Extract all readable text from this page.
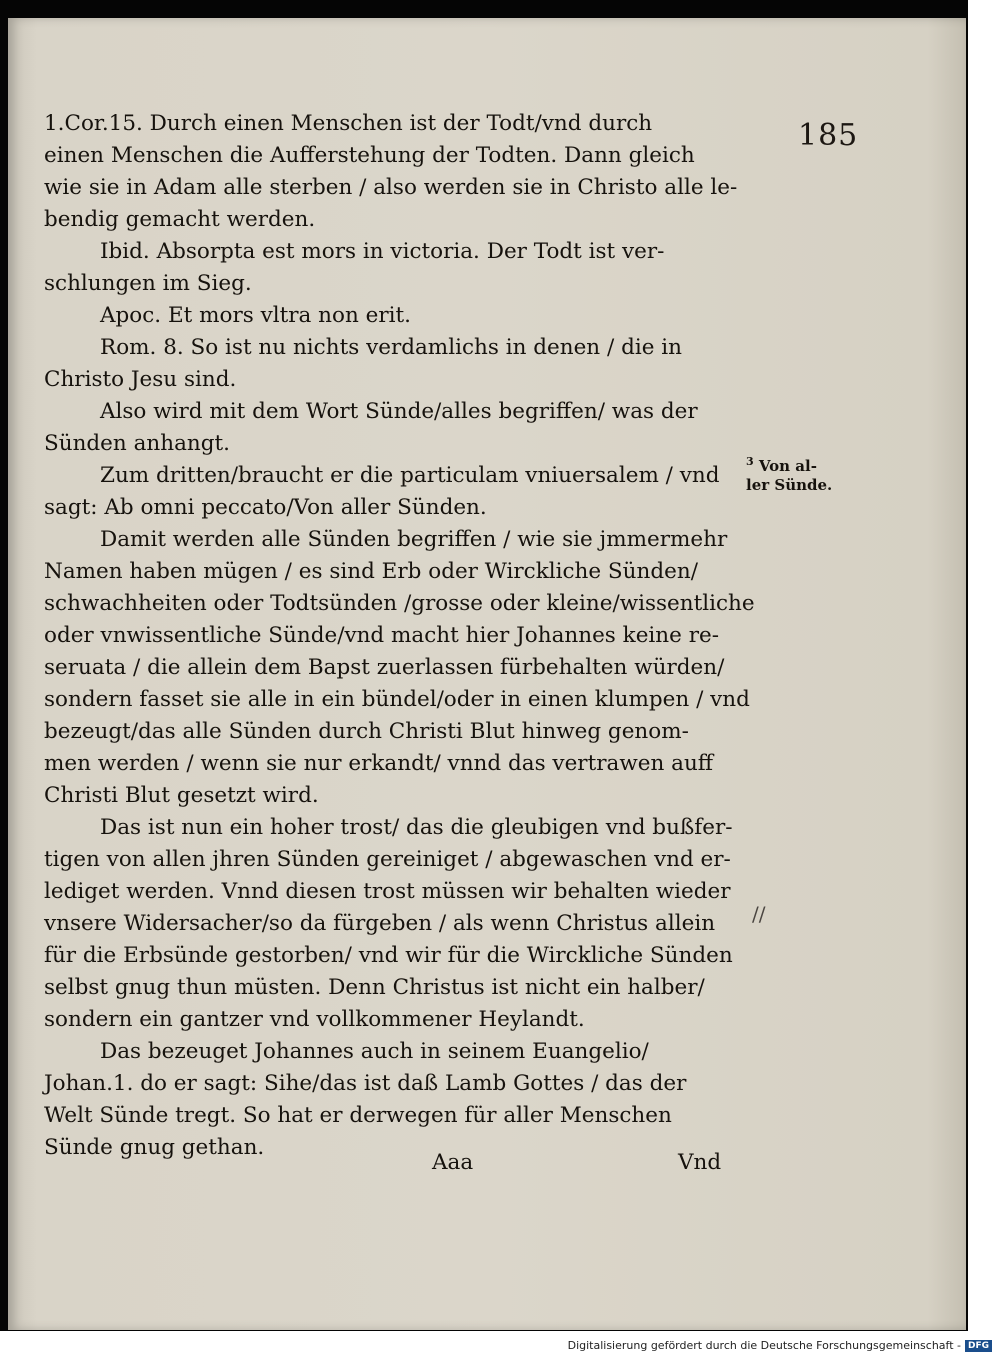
185
1.Cor.15. Durch einen Menschen ist der Todt/vnd durch
einen Menschen die Aufferstehung der Todten. Dann gleich
wie sie in Adam alle sterben / also werden sie in Christo alle le-
bendig gemacht werden.
Ibid. Absorpta est mors in victoria. Der Todt ist ver-
schlungen im Sieg.
Apoc. Et mors vltra non erit.
Rom. 8. So ist nu nichts verdamlichs in denen / die in
Christo Jesu sind.
Also wird mit dem Wort Sünde/alles begriffen/ was der
Sünden anhangt.
Zum dritten/braucht er die particulam vniuersalem / vnd
sagt: Ab omni peccato/Von aller Sünden.
Damit werden alle Sünden begriffen / wie sie jmmermehr
Namen haben mügen / es sind Erb oder Wirckliche Sünden/
schwachheiten oder Todtsünden /grosse oder kleine/wissentliche
oder vnwissentliche Sünde/vnd macht hier Johannes keine re-
seruata / die allein dem Bapst zuerlassen fürbehalten würden/
sondern fasset sie alle in ein bündel/oder in einen klumpen / vnd
bezeugt/das alle Sünden durch Christi Blut hinweg genom-
men werden / wenn sie nur erkandt/ vnnd das vertrawen auff
Christi Blut gesetzt wird.
Das ist nun ein hoher trost/ das die gleubigen vnd bußfer-
tigen von allen jhren Sünden gereiniget / abgewaschen vnd er-
lediget werden. Vnnd diesen trost müssen wir behalten wieder
vnsere Widersacher/so da fürgeben / als wenn Christus allein
für die Erbsünde gestorben/ vnd wir für die Wirckliche Sünden
selbst gnug thun müsten. Denn Christus ist nicht ein halber/
sondern ein gantzer vnd vollkommener Heylandt.
Das bezeuget Johannes auch in seinem Euangelio/
Johan.1. do er sagt: Sihe/das ist daß Lamb Gottes / das der
Welt Sünde tregt. So hat er derwegen für aller Menschen
Sünde gnug gethan.
$^3$ Von al-
ler Sünde.
//
Aaa	Vnd
Digitalisierung gefördert durch die Deutsche Forschungsgemeinschaft - DFG
